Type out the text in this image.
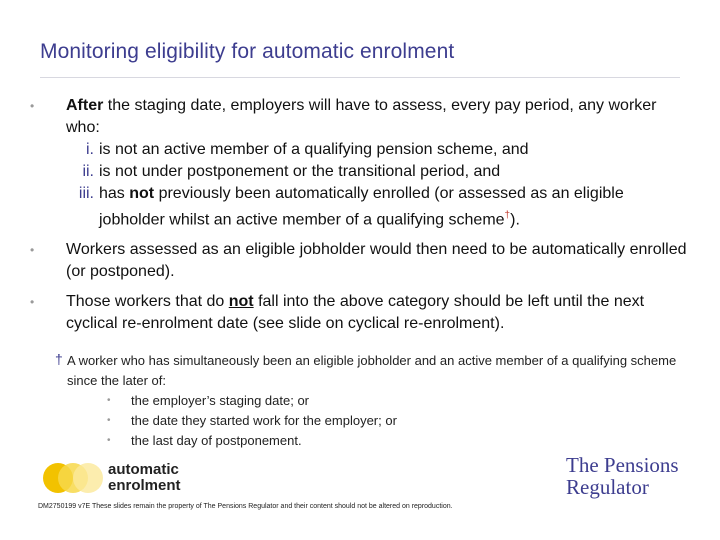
Monitoring eligibility for automatic enrolment
• After the staging date, employers will have to assess, every pay period, any worker who:
i. is not an active member of a qualifying pension scheme, and
ii. is not under postponement or the transitional period, and
iii. has not previously been automatically enrolled (or assessed as an eligible jobholder whilst an active member of a qualifying scheme†).
• Workers assessed as an eligible jobholder would then need to be automatically enrolled (or postponed).
• Those workers that do not fall into the above category should be left until the next cyclical re-enrolment date (see slide on cyclical re-enrolment).
† A worker who has simultaneously been an eligible jobholder and an active member of a qualifying scheme since the later of:
• the employer’s staging date; or
• the date they started work for the employer; or
• the last day of postponement.
automatic
enrolment
The Pensions
Regulator
DM2750199 v7E These slides remain the property of The Pensions Regulator and their content should not be altered on reproduction.
